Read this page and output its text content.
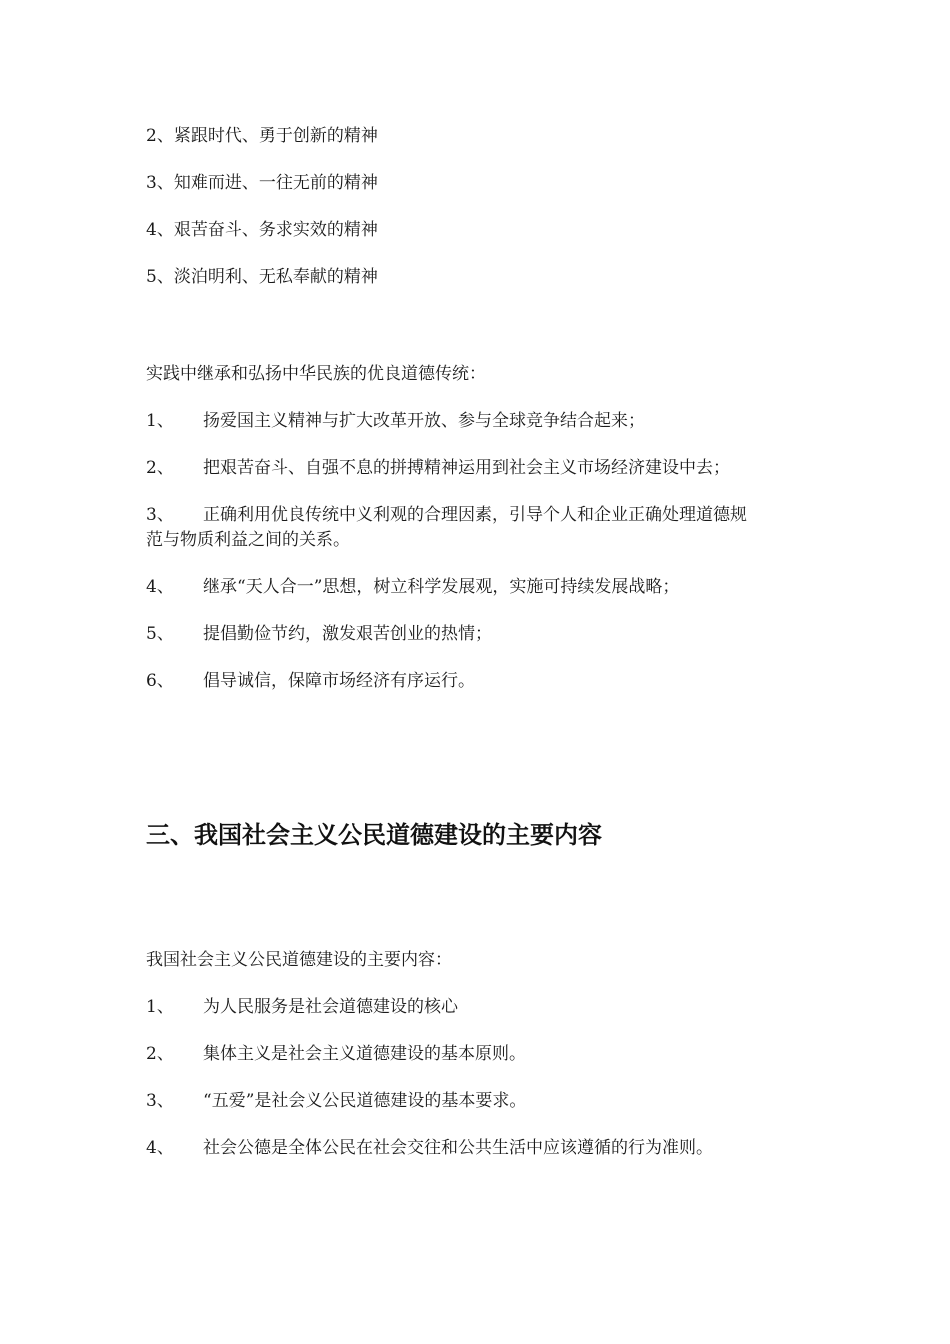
2、紧跟时代、勇于创新的精神
3、知难而进、一往无前的精神
4、艰苦奋斗、务求实效的精神
5、淡泊明利、无私奉献的精神
实践中继承和弘扬中华民族的优良道德传统：
1、 扬爱国主义精神与扩大改革开放、参与全球竞争结合起来；
2、 把艰苦奋斗、自强不息的拼搏精神运用到社会主义市场经济建设中去；
3、 正确利用优良传统中义利观的合理因素，引导个人和企业正确处理道德规
范与物质利益之间的关系。
4、 继承“天人合一”思想，树立科学发展观，实施可持续发展战略；
5、 提倡勤俭节约，激发艰苦创业的热情；
6、 倡导诚信，保障市场经济有序运行。
三、我国社会主义公民道德建设的主要内容
我国社会主义公民道德建设的主要内容：
1、 为人民服务是社会道德建设的核心
2、 集体主义是社会主义道德建设的基本原则。
3、 “五爱”是社会义公民道德建设的基本要求。
4、 社会公德是全体公民在社会交往和公共生活中应该遵循的行为准则。
